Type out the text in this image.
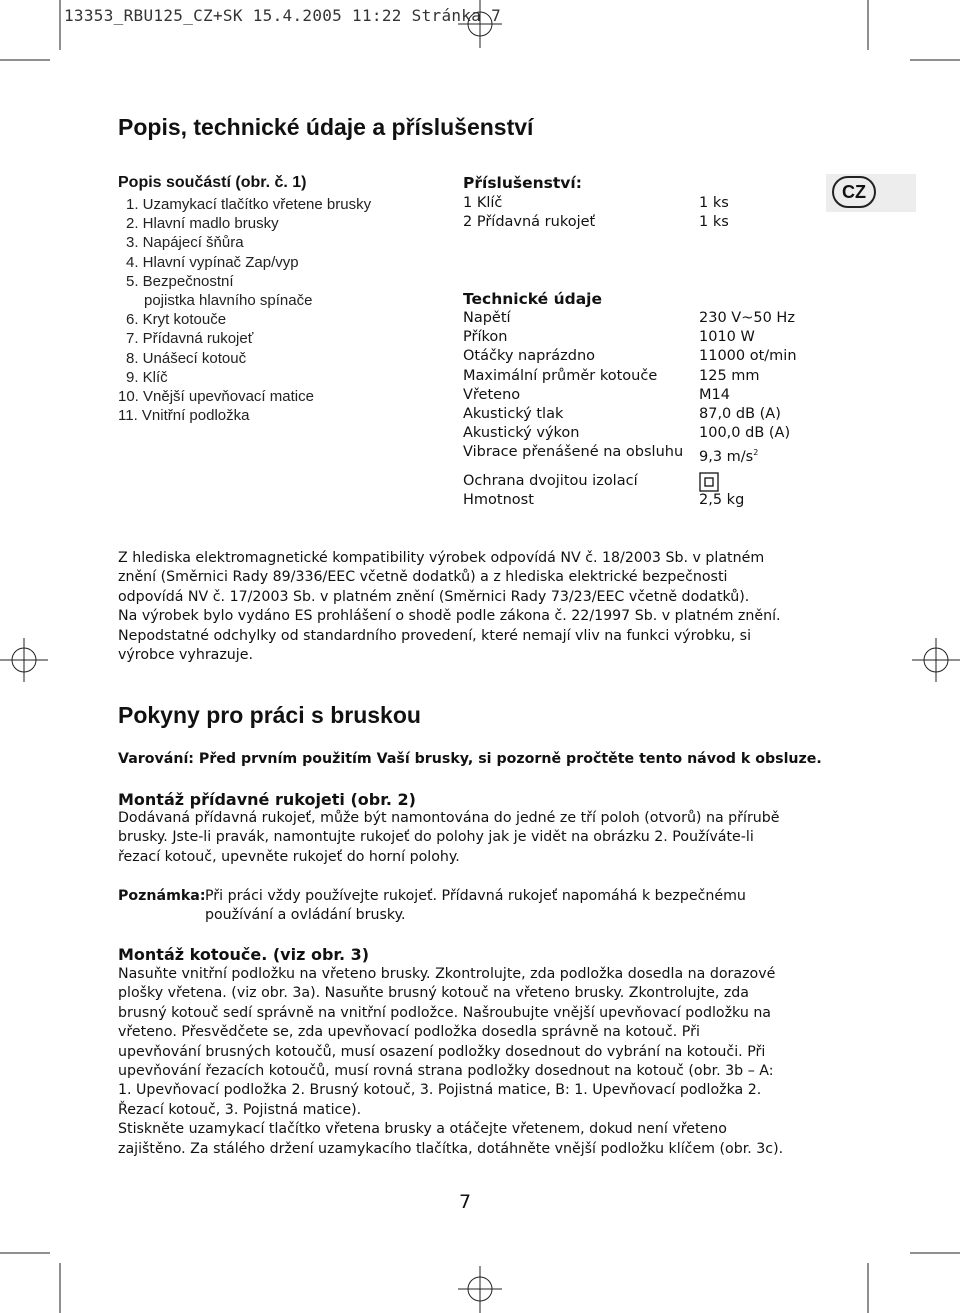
13353_RBU125_CZ+SK 15.4.2005 11:22 Stránka 7
Popis, technické údaje a příslušenství
CZ
Popis součástí (obr. č. 1)
1. Uzamykací tlačítko vřetene brusky
2. Hlavní madlo brusky
3. Napájecí šňůra
4. Hlavní vypínač Zap/vyp
5. Bezpečnostní
pojistka hlavního spínače
6. Kryt kotouče
7. Přídavná rukojeť
8. Unášecí kotouč
9. Klíč
10. Vnější upevňovací matice
11. Vnitřní podložka
Příslušenství:
1 Klíč	1 ks
2 Přídavná rukojeť	1 ks
Technické údaje
Napětí	230 V~50 Hz
Příkon	1010 W
Otáčky naprázdno	11000 ot/min
Maximální průměr kotouče	125 mm
Vřeteno	M14
Akustický tlak	87,0 dB (A)
Akustický výkon	100,0 dB (A)
Vibrace přenášené na obsluhu	9,3 $m/s^2$
Ochrana dvojitou izolací
Hmotnost	2,5 kg
Z hlediska elektromagnetické kompatibility výrobek odpovídá NV č. 18/2003 Sb. v platném
znění (Směrnici Rady 89/336/EEC včetně dodatků) a z hlediska elektrické bezpečnosti
odpovídá NV č. 17/2003 Sb. v platném znění (Směrnici Rady 73/23/EEC včetně dodatků).
Na výrobek bylo vydáno ES prohlášení o shodě podle zákona č. 22/1997 Sb. v platném znění.
Nepodstatné odchylky od standardního provedení, které nemají vliv na funkci výrobku, si
výrobce vyhrazuje.
Pokyny pro práci s bruskou
Varování: Před prvním použitím Vaší brusky, si pozorně pročtěte tento návod k obsluze.
Montáž přídavné rukojeti (obr. 2)
Dodávaná přídavná rukojeť, může být namontována do jedné ze tří poloh (otvorů) na přírubě
brusky. Jste-li pravák, namontujte rukojeť do polohy jak je vidět na obrázku 2. Používáte-li
řezací kotouč, upevněte rukojeť do horní polohy.
Poznámka: Při práci vždy používejte rukojeť. Přídavná rukojeť napomáhá k bezpečnému
používání a ovládání brusky.
Montáž kotouče. (viz obr. 3)
Nasuňte vnitřní podložku na vřeteno brusky. Zkontrolujte, zda podložka dosedla na dorazové
plošky vřetena. (viz obr. 3a). Nasuňte brusný kotouč na vřeteno brusky. Zkontrolujte, zda
brusný kotouč sedí správně na vnitřní podložce. Našroubujte vnější upevňovací podložku na
vřeteno. Přesvědčete se, zda upevňovací podložka dosedla správně na kotouč. Při
upevňování brusných kotoučů, musí osazení podložky dosednout do vybrání na kotouči. Při
upevňování řezacích kotoučů, musí rovná strana podložky dosednout na kotouč (obr. 3b – A:
1. Upevňovací podložka 2. Brusný kotouč, 3. Pojistná matice, B: 1. Upevňovací podložka 2.
Řezací kotouč, 3. Pojistná matice).
Stiskněte uzamykací tlačítko vřetena brusky a otáčejte vřetenem, dokud není vřeteno
zajištěno. Za stálého držení uzamykacího tlačítka, dotáhněte vnější podložku klíčem (obr. 3c).
7
